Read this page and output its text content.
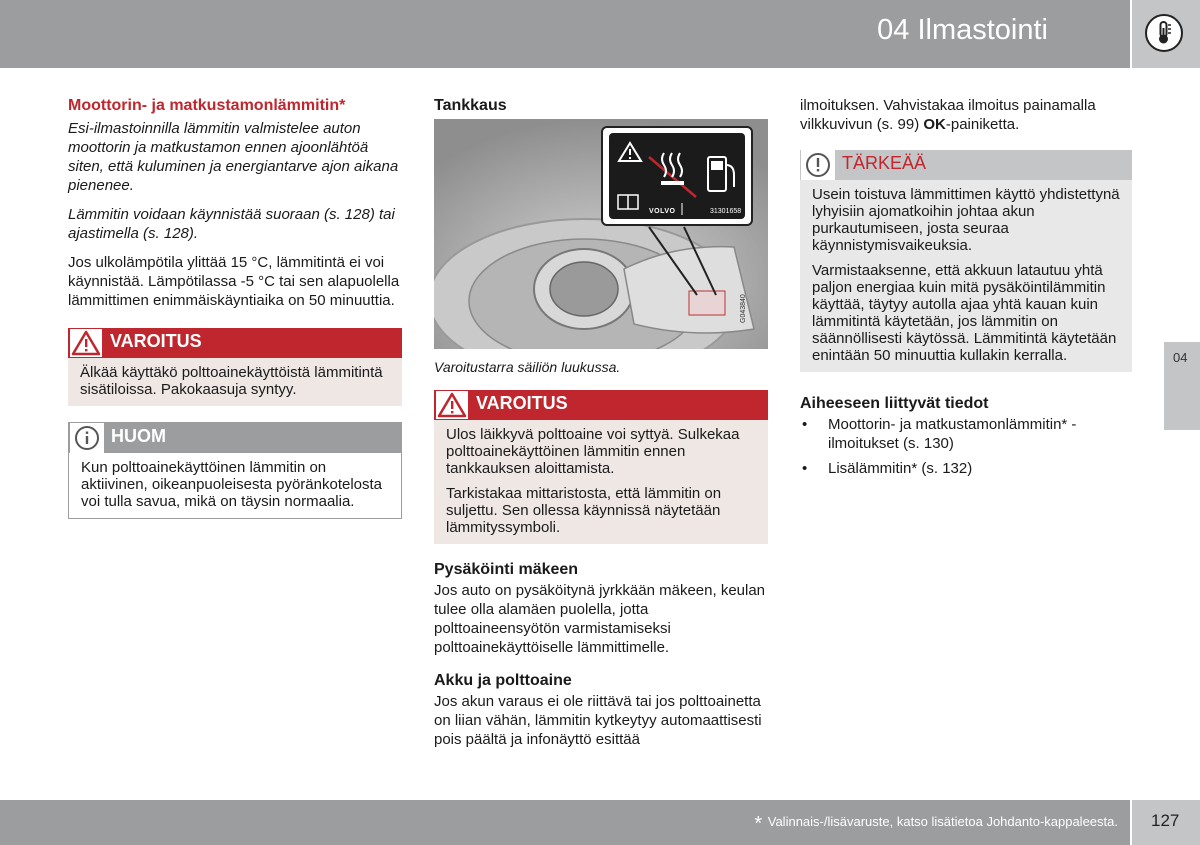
04 Ilmastointi
04
Moottorin- ja matkustamonlämmitin*

Esi-ilmastoinnilla lämmitin valmistelee auton moottorin ja matkustamon ennen ajoonlähtöä siten, että kuluminen ja energiantarve ajon aikana pienenee.

Lämmitin voidaan käynnistää suoraan (s. 128) tai ajastimella (s. 128).

Jos ulkolämpötila ylittää 15 °C, lämmitintä ei voi käynnistää. Lämpötilassa -5 °C tai sen alapuolella lämmittimen enimmäiskäyntiaika on 50 minuuttia.

VAROITUS

Älkää käyttäkö polttoainekäyttöistä lämmitintä sisätiloissa. Pakokaasuja syntyy.

HUOM

Kun polttoainekäyttöinen lämmitin on aktiivinen, oikeanpuoleisesta pyöränkotelosta voi tulla savua, mikä on täysin normaalia.

Tankkaus
VOLVO	31301658
G043840
Varoitustarra säiliön luukussa.
VAROITUS

Ulos läikkyvä polttoaine voi syttyä. Sulkekaa polttoainekäyttöinen lämmitin ennen tankkauksen aloittamista.

Tarkistakaa mittaristosta, että lämmitin on suljettu. Sen ollessa käynnissä näytetään lämmityssymboli.

Pysäköinti mäkeen

Jos auto on pysäköitynä jyrkkään mäkeen, keulan tulee olla alamäen puolella, jotta polttoaineensyötön varmistamiseksi polttoainekäyttöiselle lämmittimelle.

Akku ja polttoaine

Jos akun varaus ei ole riittävä tai jos polttoainetta on liian vähän, lämmitin kytkeytyy automaattisesti pois päältä ja infonäyttö esittää

ilmoituksen. Vahvistakaa ilmoitus painamalla vilkkuvivun (s. 99) OK-painiketta.

TÄRKEÄÄ

Usein toistuva lämmittimen käyttö yhdistettynä lyhyisiin ajomatkoihin johtaa akun purkautumiseen, josta seuraa käynnistymisvaikeuksia.

Varmistaaksenne, että akkuun latautuu yhtä paljon energiaa kuin mitä pysäköintilämmitin käyttää, täytyy autolla ajaa yhtä kauan kuin lämmitintä käytetään, jos lämmitin on säännöllisesti käytössä. Lämmitintä käytetään enintään 50 minuuttia kullakin kerralla.

Aiheeseen liittyvät tiedot
• Moottorin- ja matkustamonlämmitin* - ilmoitukset (s. 130)
• Lisälämmitin* (s. 132)
* Valinnais-/lisävaruste, katso lisätietoa Johdanto-kappaleesta. 127
